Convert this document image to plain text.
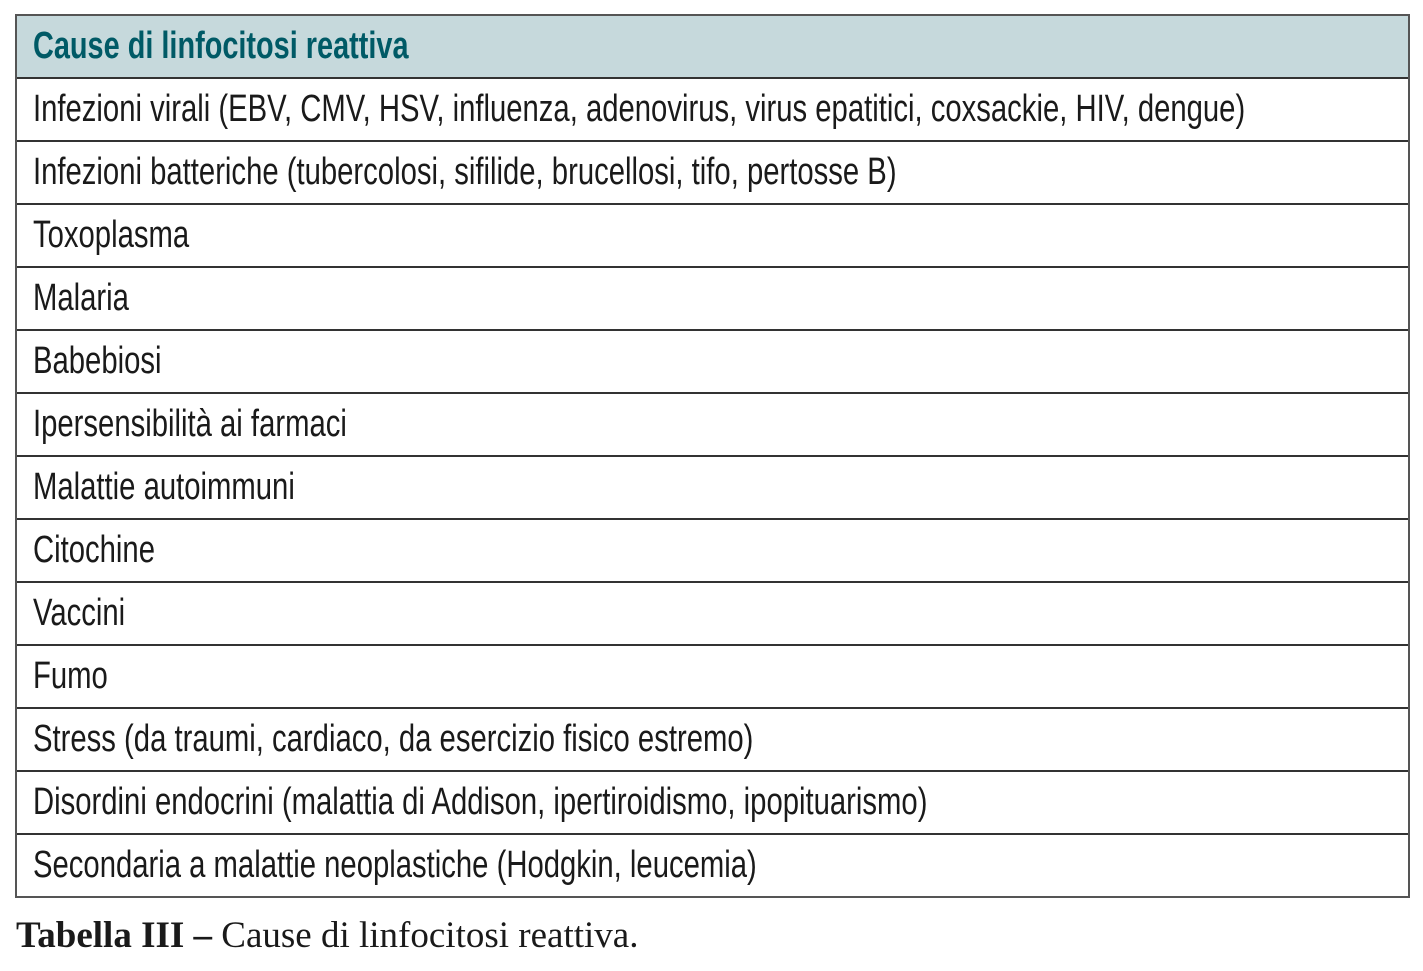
Cause di linfocitosi reattiva
Infezioni virali (EBV, CMV, HSV, influenza, adenovirus, virus epatitici, coxsackie, HIV, dengue)
Infezioni batteriche (tubercolosi, sifilide, brucellosi, tifo, pertosse B)
Toxoplasma
Malaria
Babebiosi
Ipersensibilità ai farmaci
Malattie autoimmuni
Citochine
Vaccini
Fumo
Stress (da traumi, cardiaco, da esercizio fisico estremo)
Disordini endocrini (malattia di Addison, ipertiroidismo, ipopituarismo)
Secondaria a malattie neoplastiche (Hodgkin, leucemia)
Tabella III – Cause di linfocitosi reattiva.
